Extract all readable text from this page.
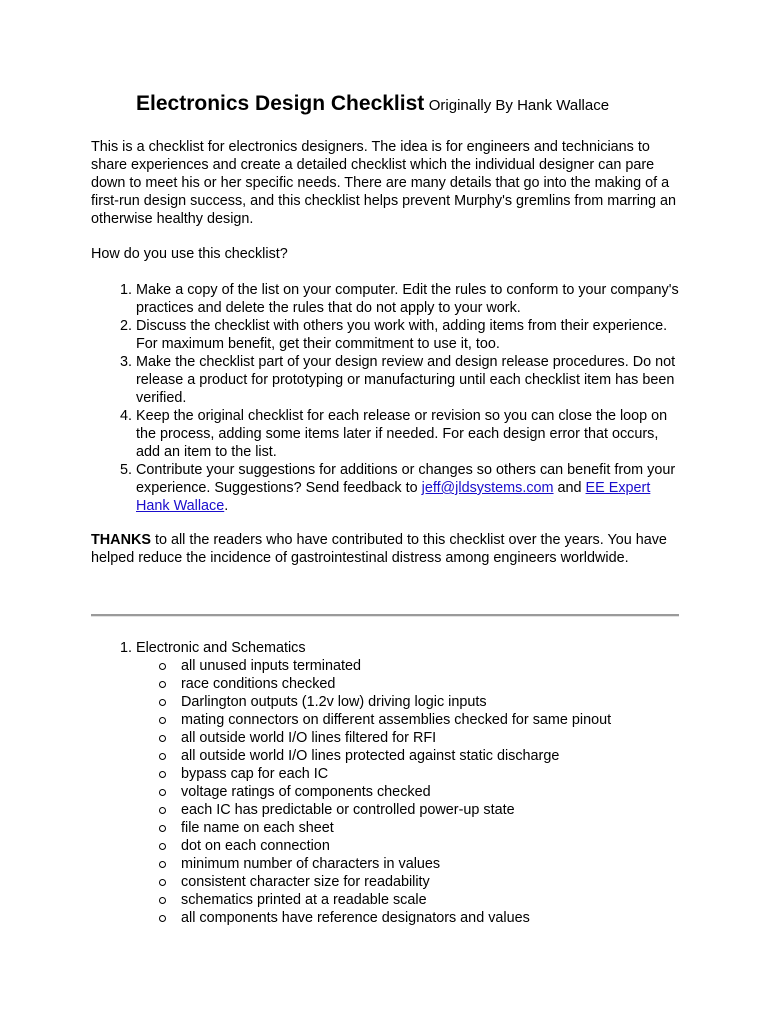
Electronics Design Checklist Originally By Hank Wallace

This is a checklist for electronics designers. The idea is for engineers and technicians to share experiences and create a detailed checklist which the individual designer can pare down to meet his or her specific needs. There are many details that go into the making of a first-run design success, and this checklist helps prevent Murphy's gremlins from marring an otherwise healthy design.

How do you use this checklist?

1. Make a copy of the list on your computer. Edit the rules to conform to your company's practices and delete the rules that do not apply to your work.
2. Discuss the checklist with others you work with, adding items from their experience. For maximum benefit, get their commitment to use it, too.
3. Make the checklist part of your design review and design release procedures. Do not release a product for prototyping or manufacturing until each checklist item has been verified.
4. Keep the original checklist for each release or revision so you can close the loop on the process, adding some items later if needed. For each design error that occurs, add an item to the list.
5. Contribute your suggestions for additions or changes so others can benefit from your experience. Suggestions? Send feedback to jeff@jldsystems.com and EE Expert Hank Wallace.

THANKS to all the readers who have contributed to this checklist over the years. You have helped reduce the incidence of gastrointestinal distress among engineers worldwide.

1. Electronic and Schematics
all unused inputs terminated
race conditions checked
Darlington outputs (1.2v low) driving logic inputs
mating connectors on different assemblies checked for same pinout
all outside world I/O lines filtered for RFI
all outside world I/O lines protected against static discharge
bypass cap for each IC
voltage ratings of components checked
each IC has predictable or controlled power-up state
file name on each sheet
dot on each connection
minimum number of characters in values
consistent character size for readability
schematics printed at a readable scale
all components have reference designators and values
